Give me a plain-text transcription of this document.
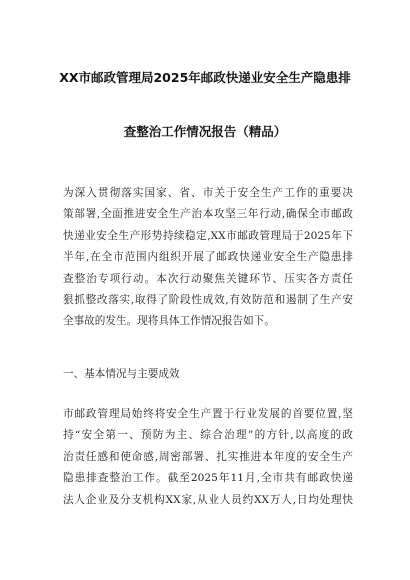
XX市邮政管理局2025年邮政快递业安全生产隐患排
查整治工作情况报告（精品）
为深入贯彻落实国家、省、市关于安全生产工作的重要决
策部署,全面推进安全生产治本攻坚三年行动,确保全市邮政
快递业安全生产形势持续稳定,XX市邮政管理局于2025年下
半年,在全市范围内组织开展了邮政快递业安全生产隐患排
查整治专项行动。本次行动聚焦关键环节、压实各方责任
狠抓整改落实,取得了阶段性成效,有效防范和遏制了生产安
全事故的发生。现将具体工作情况报告如下。
一、基本情况与主要成效
市邮政管理局始终将安全生产置于行业发展的首要位置,坚
持“安全第一、预防为主、综合治理”的方针,以高度的政
治责任感和使命感,周密部署、扎实推进本年度的安全生产
隐患排查整治工作。截至2025年11月,全市共有邮政快递
法人企业及分支机构XX家,从业人员约XX万人,日均处理快
